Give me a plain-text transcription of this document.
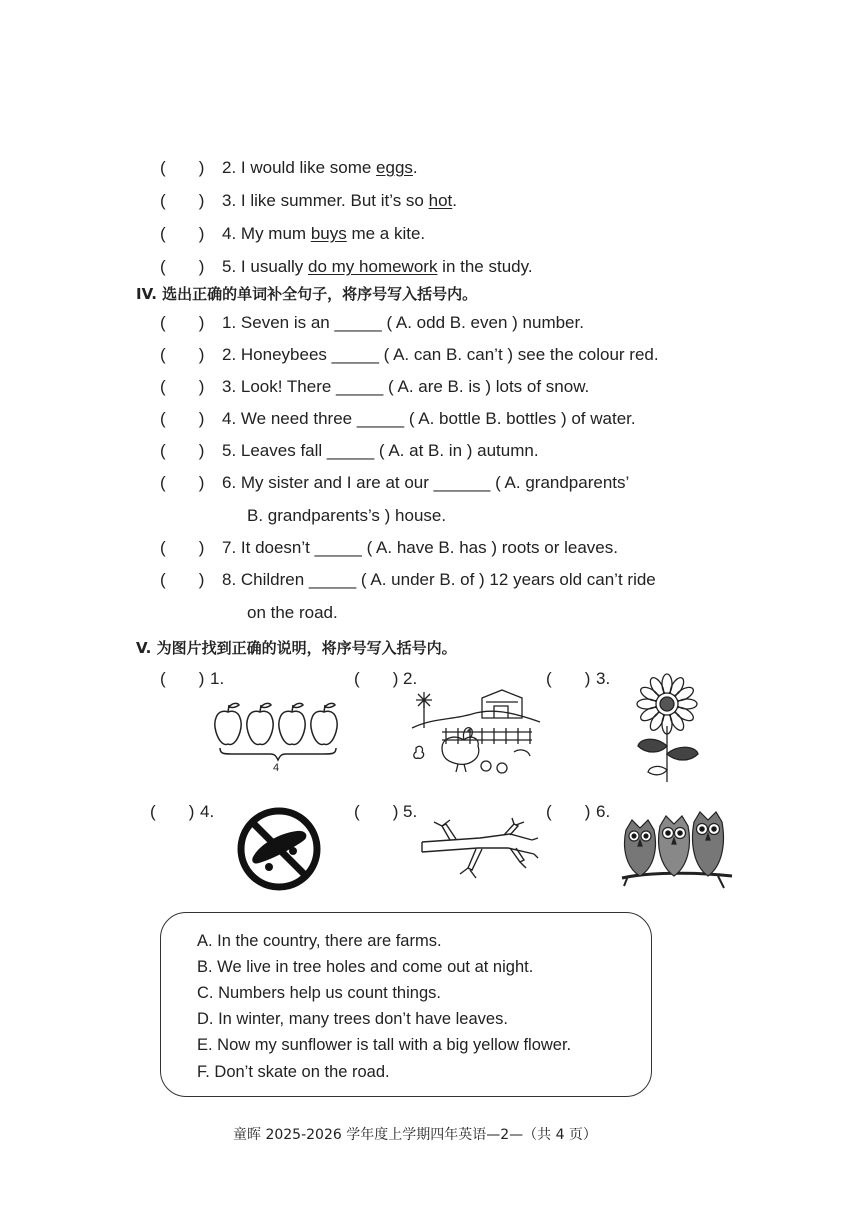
(       ) 2. I would like some eggs.
(       ) 3. I like summer. But it’s so hot.
(       ) 4. My mum buys me a kite.
(       ) 5. I usually do my homework in the study.
IV. 选出正确的单词补全句子，将序号写入括号内。
(       ) 1. Seven is an _____ ( A. odd B. even ) number.
(       ) 2. Honeybees _____ ( A. can B. can’t ) see the colour red.
(       ) 3. Look! There _____ ( A. are B. is ) lots of snow.
(       ) 4. We need three _____ ( A. bottle B. bottles ) of water.
(       ) 5. Leaves fall _____ ( A. at B. in ) autumn.
(       ) 6. My sister and I are at our ______ ( A. grandparents’
B. grandparents’s ) house.
(       ) 7. It doesn’t _____ ( A. have B. has ) roots or leaves.
(       ) 8. Children _____ ( A. under B. of ) 12 years old can’t ride
on the road.
V. 为图片找到正确的说明，将序号写入括号内。
(       ) 1.	(       ) 2.	(       ) 3.
(       ) 4.	(       ) 5.	(       ) 6.
4
A. In the country, there are farms.
B. We live in tree holes and come out at night.
C. Numbers help us count things.
D. In winter, many trees don’t have leaves.
E. Now my sunflower is tall with a big yellow flower.
F. Don’t skate on the road.
童晖 2025-2026 学年度上学期四年英语—2—（共 4 页）
